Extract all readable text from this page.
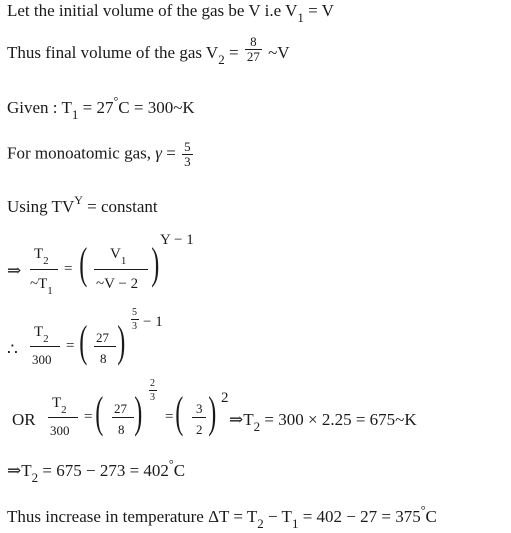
Let the initial volume of the gas be V i.e $V_1 = V$
Thus final volume of the gas $V_2 = \frac{8}{27}$ ~V
Given : $T_1 = 27^\circ C$ = 300~K
For monoatomic gas, $\gamma = \frac{5}{3}$
Using $TV^Y$ = constant
⇒
$T_2$
$\sim T_1$
= ( $V_1$
~V − 2 ) Y − 1
∴
$T_2$
300
= ( 27
8 )
5
3 − 1
OR
$T_2$
300
= ( 27
8 )
2
3
= ( 3
2 ) 2
$\Rightarrow T_2 = 300 \times 2.25$ = 675~K
$\Rightarrow T_2 = 675 - 273 = 402^\circ C$
Thus increase in temperature $\Delta T = T_2 - T_1 = 402 - 27 = 375^\circ C$
